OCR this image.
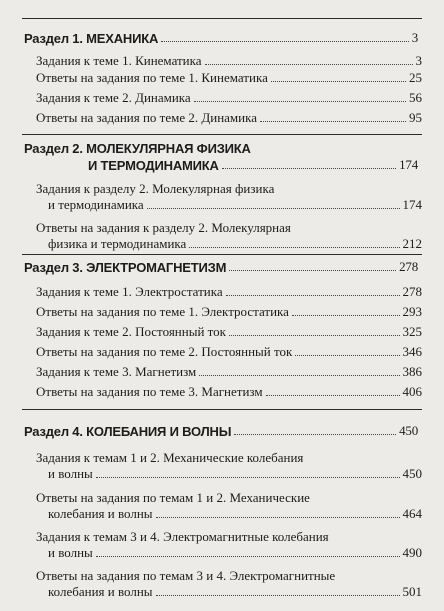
Раздел 1. МЕХАНИКА	3
Задания к теме 1. Кинематика	3
Ответы на задания по теме 1. Кинематика	25
Задания к теме 2. Динамика	56
Ответы на задания по теме 2. Динамика	95
Раздел 2. МОЛЕКУЛЯРНАЯ ФИЗИКА
И ТЕРМОДИНАМИКА	174
Задания к разделу 2. Молекулярная физика
и термодинамика	174
Ответы на задания к разделу 2. Молекулярная
физика и термодинамика	212
Раздел 3. ЭЛЕКТРОМАГНЕТИЗМ	278
Задания к теме 1. Электростатика	278
Ответы на задания по теме 1. Электростатика	293
Задания к теме 2. Постоянный ток	325
Ответы на задания по теме 2. Постоянный ток	346
Задания к теме 3. Магнетизм	386
Ответы на задания по теме 3. Магнетизм	406
Раздел 4. КОЛЕБАНИЯ И ВОЛНЫ	450
Задания к темам 1 и 2. Механические колебания
и волны	450
Ответы на задания по темам 1 и 2. Механические
колебания и волны	464
Задания к темам 3 и 4. Электромагнитные колебания
и волны	490
Ответы на задания по темам 3 и 4. Электромагнитные
колебания и волны	501
